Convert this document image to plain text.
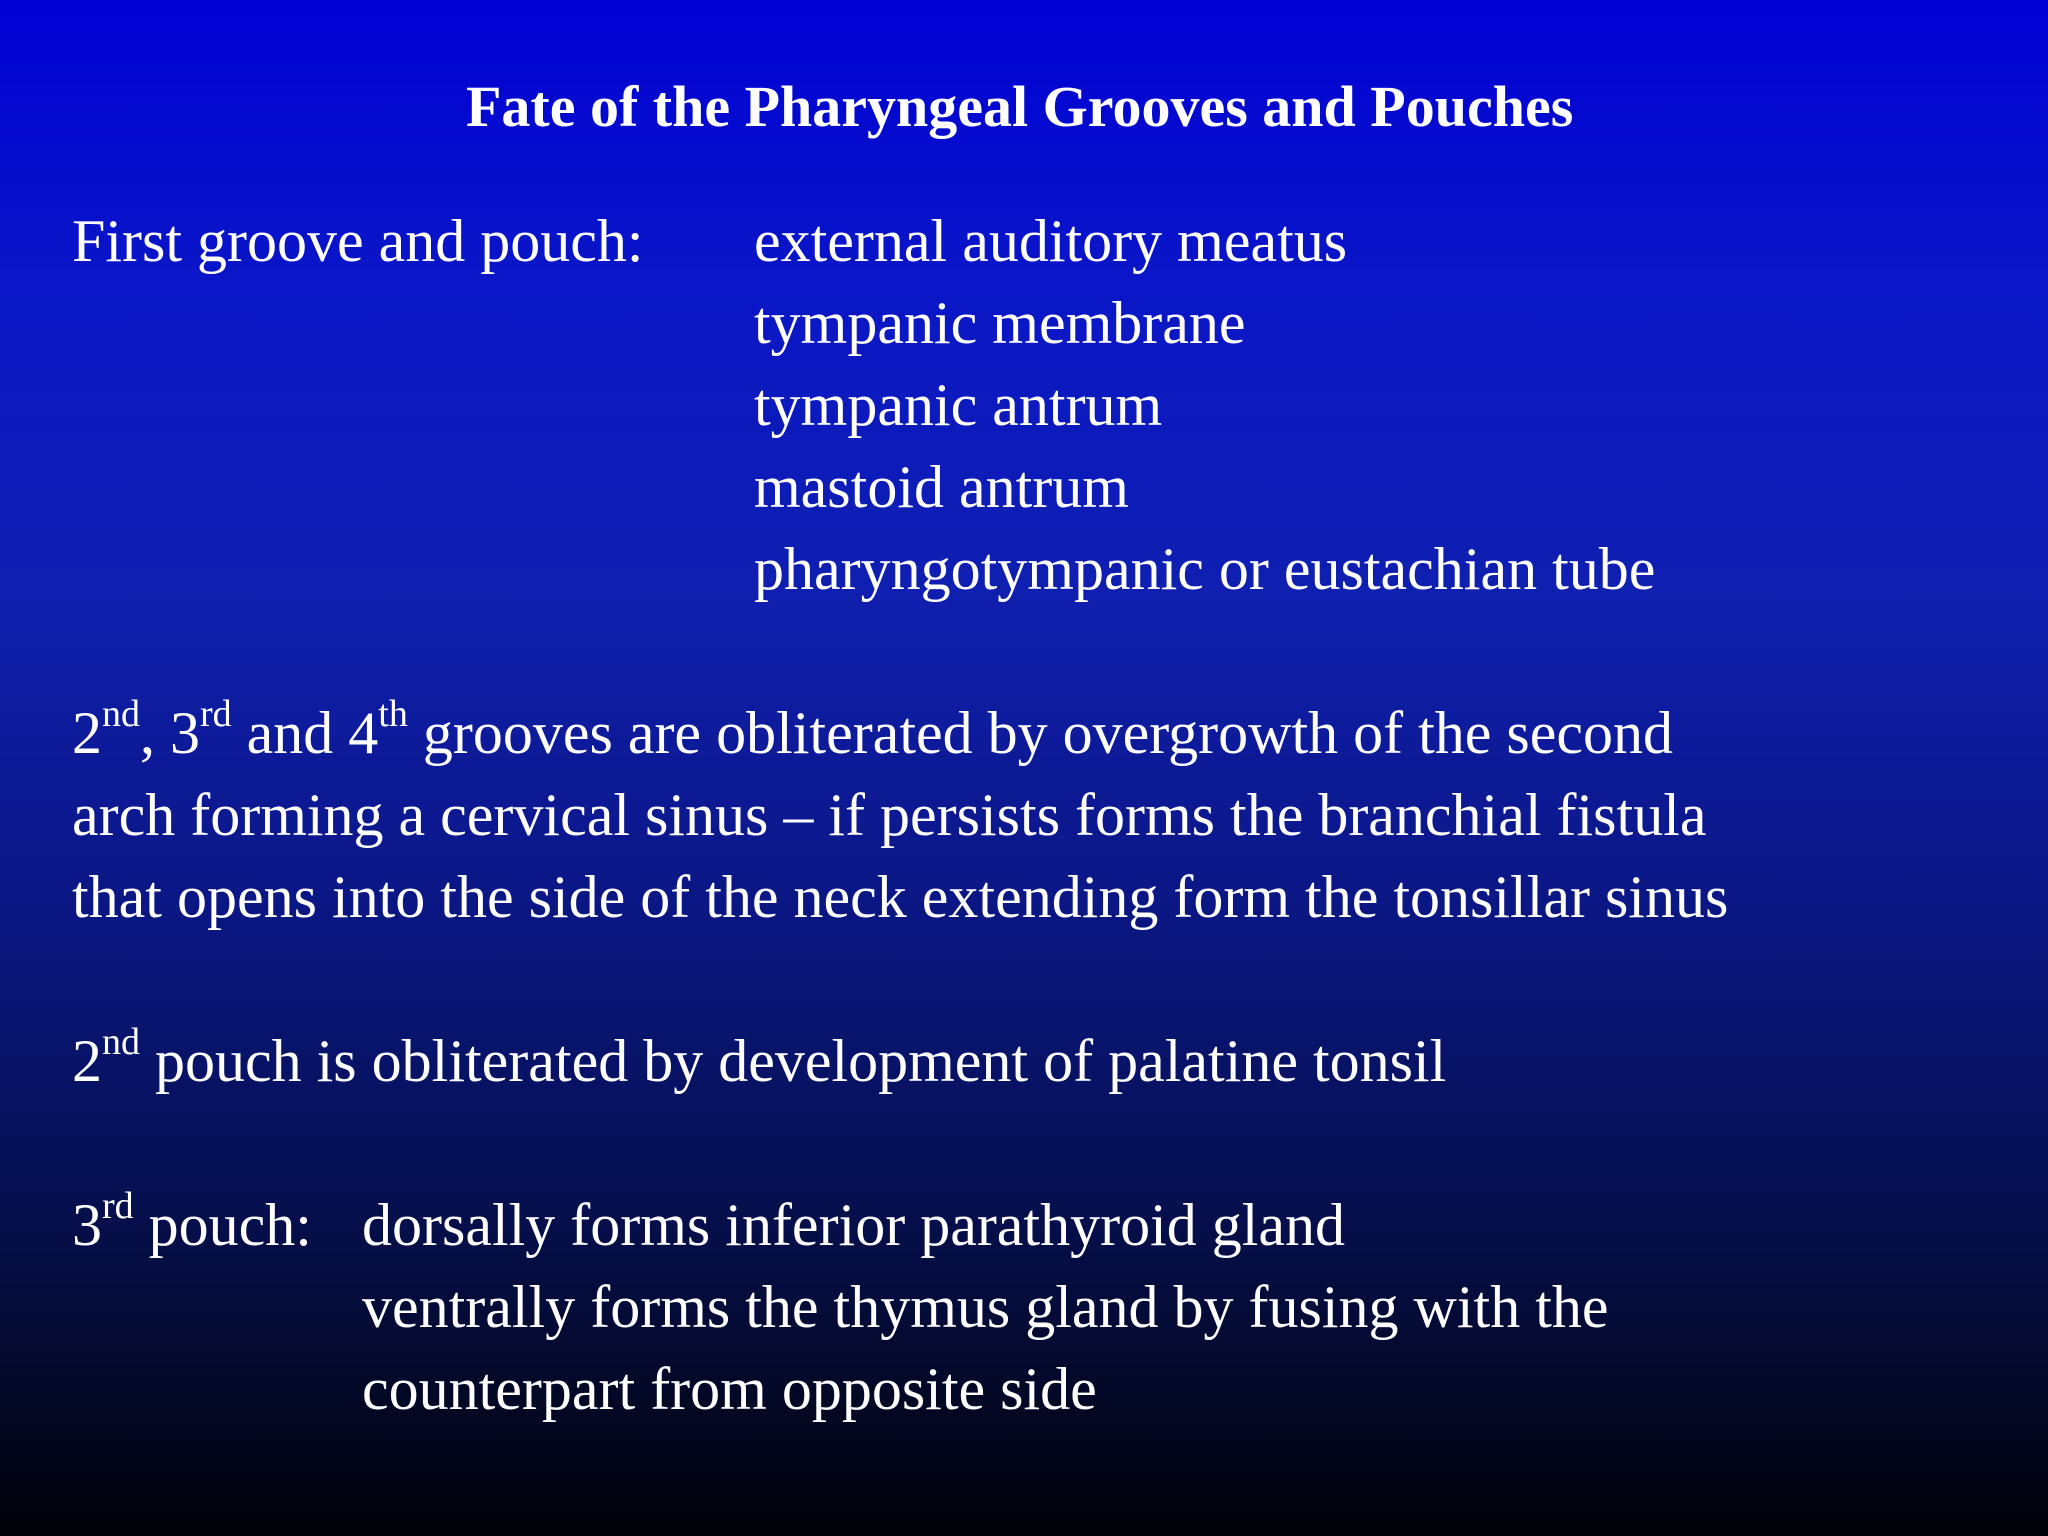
Fate of the Pharyngeal Grooves and Pouches
First groove and pouch: external auditory meatus
tympanic membrane
tympanic antrum
mastoid antrum
pharyngotympanic or eustachian tube
2nd, 3rd and 4th grooves are obliterated by overgrowth of the second
arch forming a cervical sinus – if persists forms the branchial fistula
that opens into the side of the neck extending form the tonsillar sinus
2nd pouch is obliterated by development of palatine tonsil
3rd pouch: dorsally forms inferior parathyroid gland
ventrally forms the thymus gland by fusing with the
counterpart from opposite side
